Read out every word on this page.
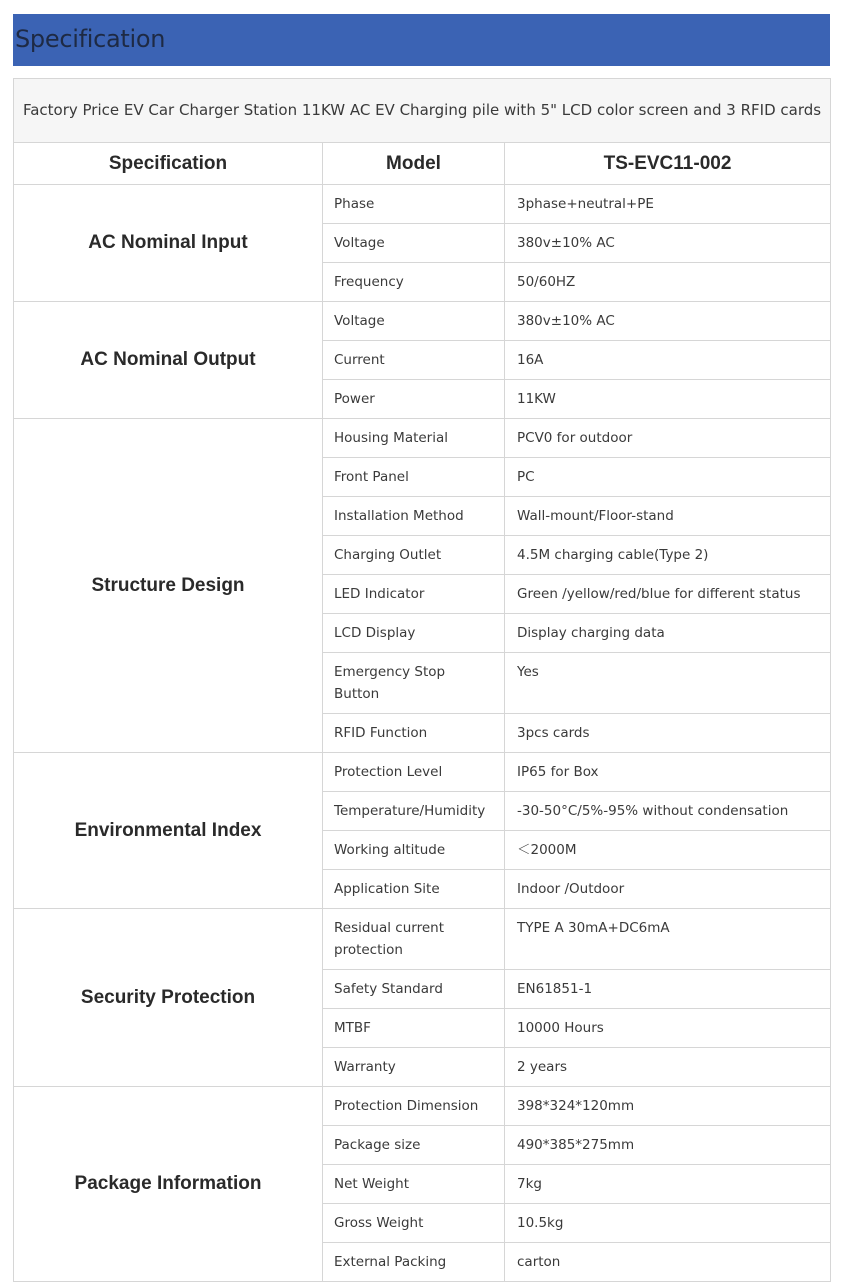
Specification
Factory Price EV Car Charger Station 11KW AC EV Charging pile with 5" LCD color screen and 3 RFID cards		
Specification	Model	TS-EVC11-002
AC Nominal Input	Phase	3phase+neutral+PE
	Voltage	380v±10% AC
	Frequency	50/60HZ
AC Nominal Output	Voltage	380v±10% AC
	Current	16A
	Power	11KW
Structure Design	Housing Material	PCV0 for outdoor
	Front Panel	PC
	Installation Method	Wall-mount/Floor-stand
	Charging Outlet	4.5M charging cable(Type 2)
	LED Indicator	Green /yellow/red/blue for different status
	LCD Display	Display charging data
	Emergency Stop Button	Yes
	RFID Function	3pcs cards
Environmental Index	Protection Level	IP65 for Box
	Temperature/Humidity	-30-50°C/5%-95% without condensation
	Working altitude	＜2000M
	Application Site	Indoor /Outdoor
Security Protection	Residual current protection	TYPE A 30mA+DC6mA
	Safety Standard	EN61851-1
	MTBF	10000 Hours
	Warranty	2 years
Package Information	Protection Dimension	398*324*120mm
	Package size	490*385*275mm
	Net Weight	7kg
	Gross Weight	10.5kg
	External Packing	carton
